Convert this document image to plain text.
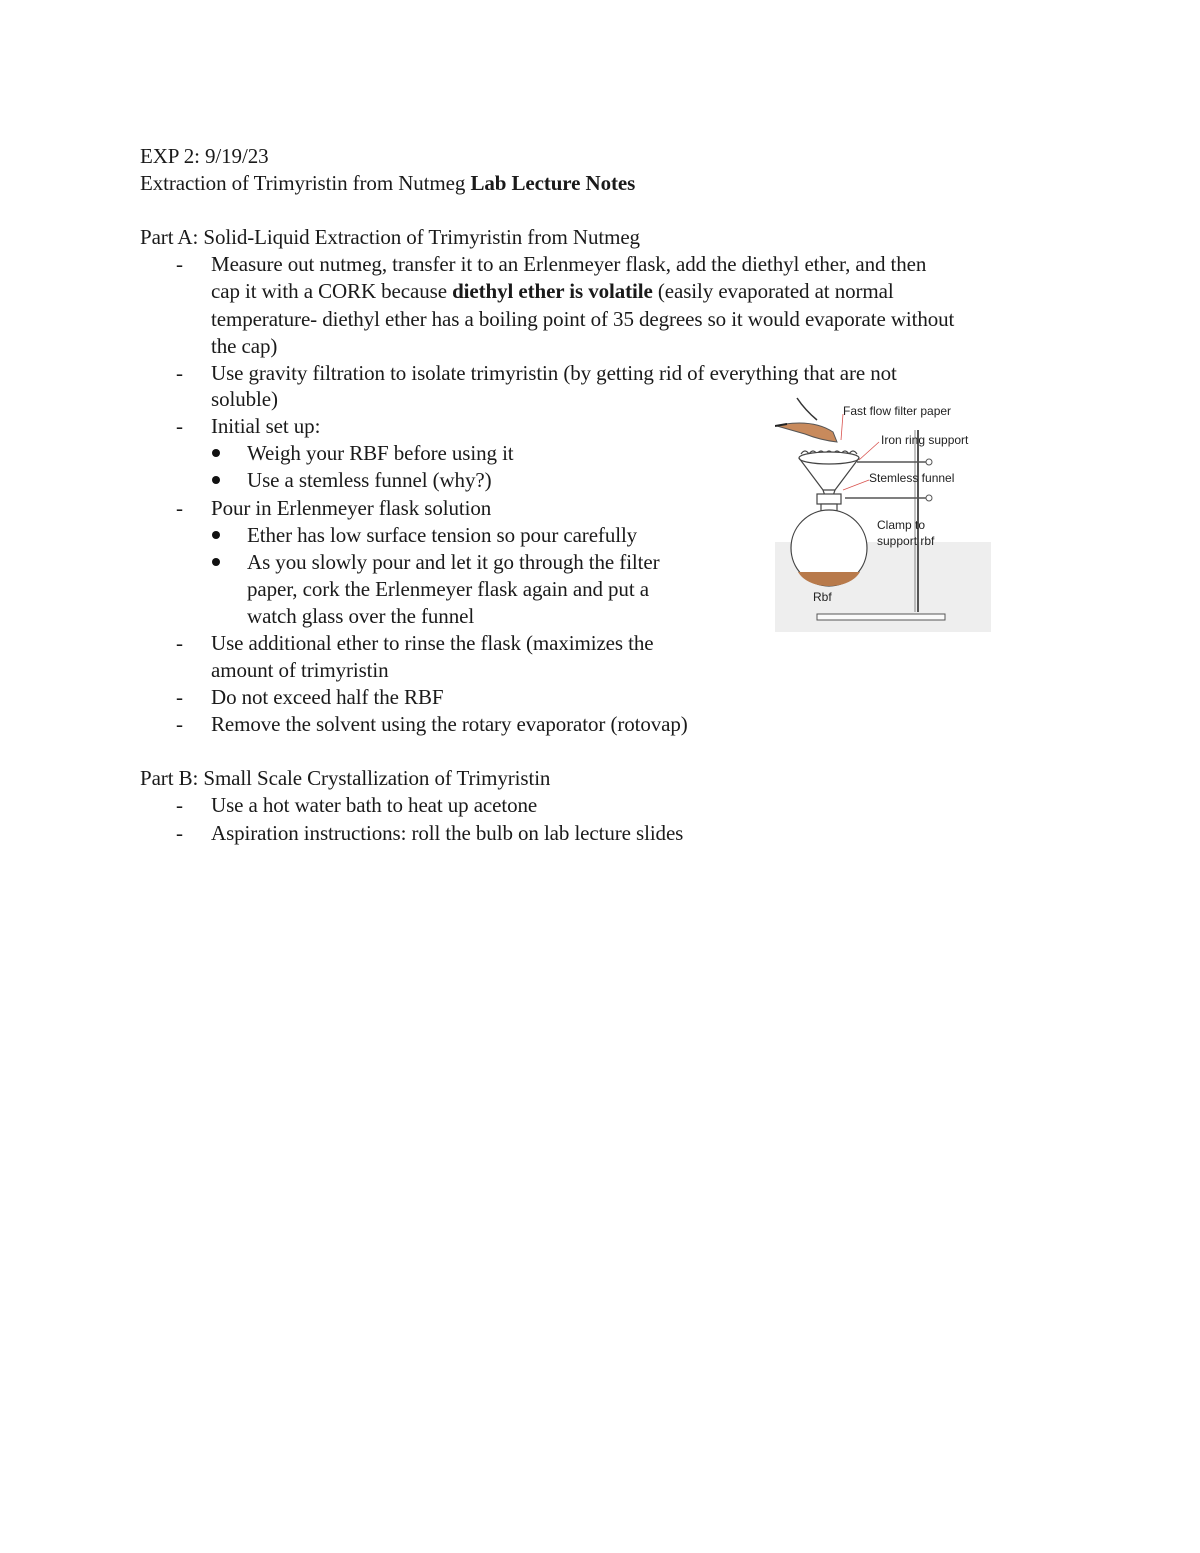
EXP 2: 9/19/23
Extraction of Trimyristin from Nutmeg Lab Lecture Notes
Part A: Solid-Liquid Extraction of Trimyristin from Nutmeg
- Measure out nutmeg, transfer it to an Erlenmeyer flask, add the diethyl ether, and then
cap it with a CORK because diethyl ether is volatile (easily evaporated at normal
temperature- diethyl ether has a boiling point of 35 degrees so it would evaporate without
the cap)
- Use gravity filtration to isolate trimyristin (by getting rid of everything that are not
soluble)
- Initial set up:
Weigh your RBF before using it
Use a stemless funnel (why?)
- Pour in Erlenmeyer flask solution
Ether has low surface tension so pour carefully
As you slowly pour and let it go through the filter
paper, cork the Erlenmeyer flask again and put a
watch glass over the funnel
- Use additional ether to rinse the flask (maximizes the
amount of trimyristin
- Do not exceed half the RBF
- Remove the solvent using the rotary evaporator (rotovap)
Part B: Small Scale Crystallization of Trimyristin
- Use a hot water bath to heat up acetone
- Aspiration instructions: roll the bulb on lab lecture slides
Fast flow filter paper
Iron ring support
Stemless funnel
Clamp to
support rbf
Rbf
